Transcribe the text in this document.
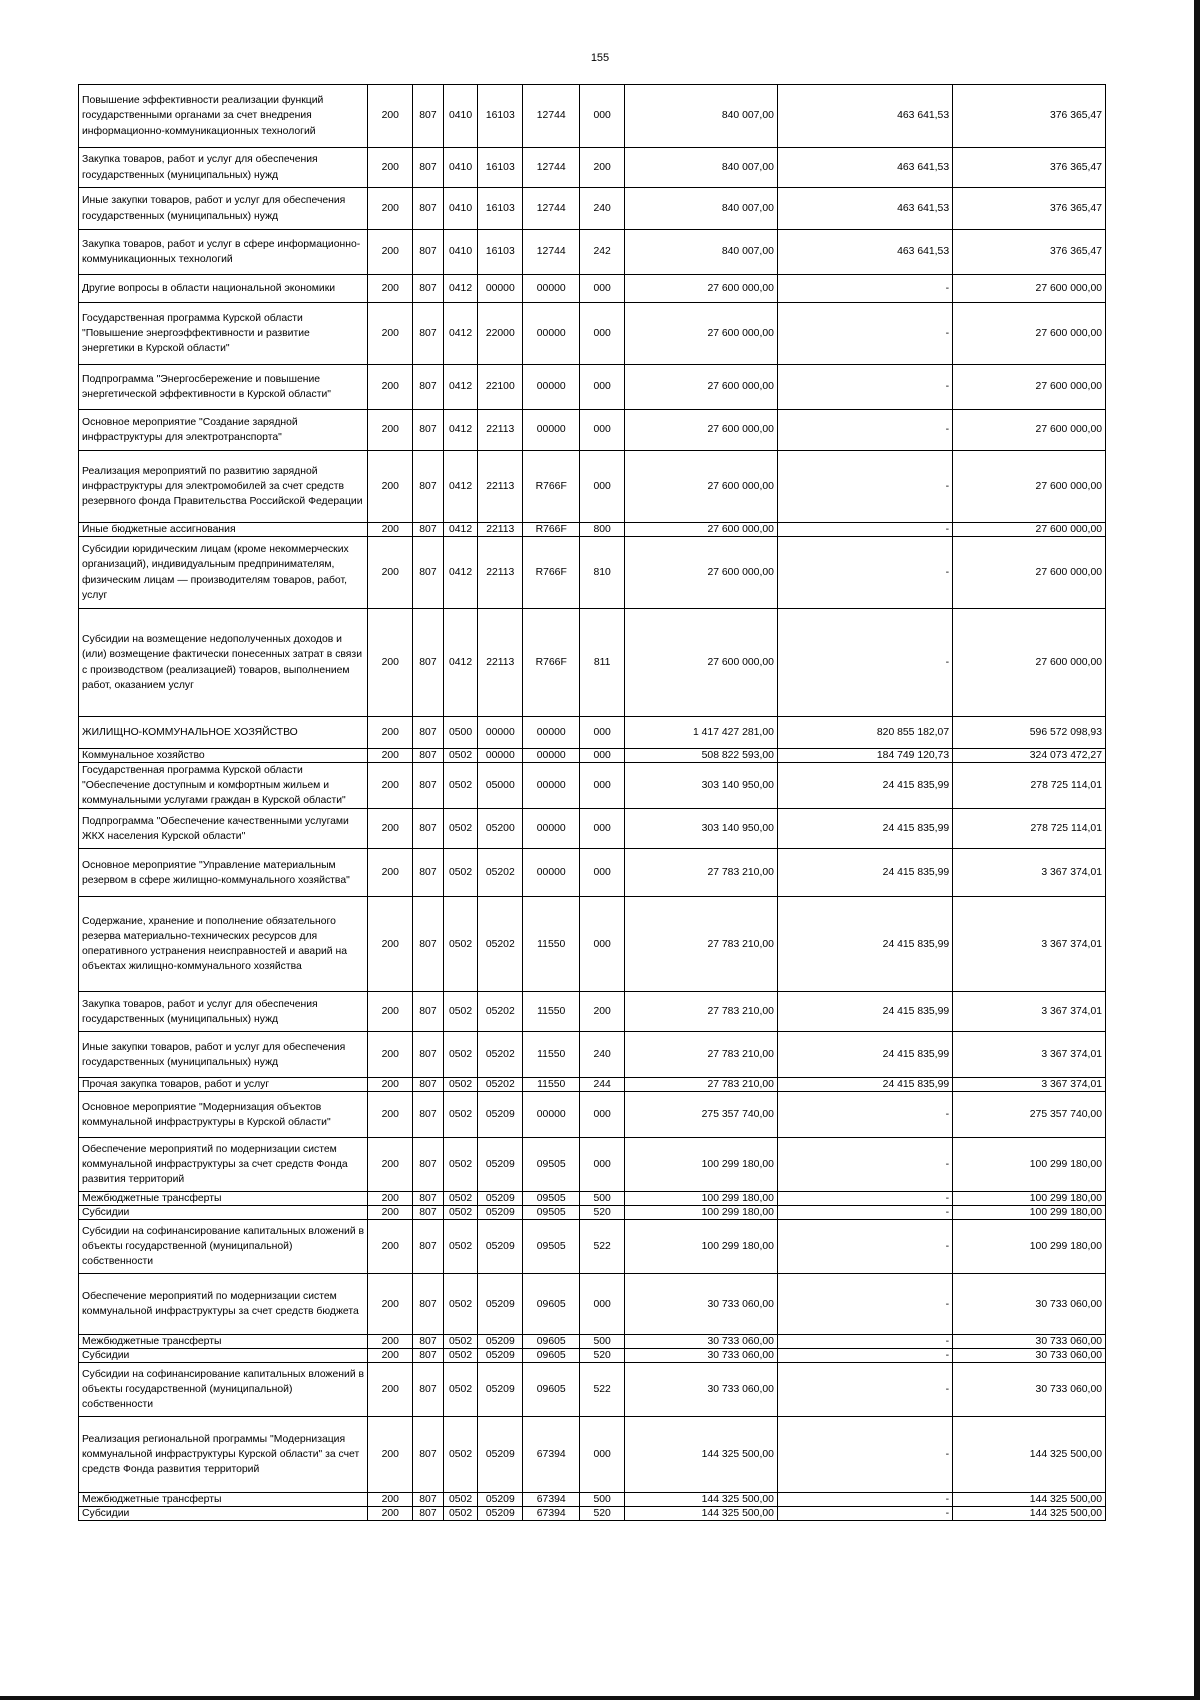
155
Повышение эффективности реализации функций государственными органами за счет внедрения информационно-коммуникационных технологий	200	807	0410	16103	12744	000	840 007,00	463 641,53	376 365,47
Закупка товаров, работ и услуг для обеспечения государственных (муниципальных) нужд	200	807	0410	16103	12744	200	840 007,00	463 641,53	376 365,47
Иные закупки товаров, работ и услуг для обеспечения государственных (муниципальных) нужд	200	807	0410	16103	12744	240	840 007,00	463 641,53	376 365,47
Закупка товаров, работ и услуг в сфере информационно-коммуникационных технологий	200	807	0410	16103	12744	242	840 007,00	463 641,53	376 365,47
Другие вопросы в области национальной экономики	200	807	0412	00000	00000	000	27 600 000,00	-	27 600 000,00
Государственная программа Курской области "Повышение энергоэффективности и развитие энергетики в Курской области"	200	807	0412	22000	00000	000	27 600 000,00	-	27 600 000,00
Подпрограмма "Энергосбережение и повышение энергетической эффективности в Курской области"	200	807	0412	22100	00000	000	27 600 000,00	-	27 600 000,00
Основное мероприятие "Создание зарядной инфраструктуры для электротранспорта"	200	807	0412	22113	00000	000	27 600 000,00	-	27 600 000,00
Реализация мероприятий по развитию зарядной инфраструктуры для электромобилей за счет средств резервного фонда Правительства Российской Федерации	200	807	0412	22113	R766F	000	27 600 000,00	-	27 600 000,00
Иные бюджетные ассигнования	200	807	0412	22113	R766F	800	27 600 000,00	-	27 600 000,00
Субсидии юридическим лицам (кроме некоммерческих организаций), индивидуальным предпринимателям, физическим лицам — производителям товаров, работ, услуг	200	807	0412	22113	R766F	810	27 600 000,00	-	27 600 000,00
Субсидии на возмещение недополученных доходов и (или) возмещение фактически понесенных затрат в связи с производством (реализацией) товаров, выполнением работ, оказанием услуг	200	807	0412	22113	R766F	811	27 600 000,00	-	27 600 000,00
ЖИЛИЩНО-КОММУНАЛЬНОЕ ХОЗЯЙСТВО	200	807	0500	00000	00000	000	1 417 427 281,00	820 855 182,07	596 572 098,93
Коммунальное хозяйство	200	807	0502	00000	00000	000	508 822 593,00	184 749 120,73	324 073 472,27
Государственная программа Курской области "Обеспечение доступным и комфортным жильем и коммунальными услугами граждан в Курской области"	200	807	0502	05000	00000	000	303 140 950,00	24 415 835,99	278 725 114,01
Подпрограмма "Обеспечение качественными услугами ЖКХ населения Курской области"	200	807	0502	05200	00000	000	303 140 950,00	24 415 835,99	278 725 114,01
Основное мероприятие "Управление материальным резервом в сфере жилищно-коммунального хозяйства"	200	807	0502	05202	00000	000	27 783 210,00	24 415 835,99	3 367 374,01
Содержание, хранение и пополнение обязательного резерва материально-технических ресурсов для оперативного устранения неисправностей и аварий на объектах жилищно-коммунального хозяйства	200	807	0502	05202	11550	000	27 783 210,00	24 415 835,99	3 367 374,01
Закупка товаров, работ и услуг для обеспечения государственных (муниципальных) нужд	200	807	0502	05202	11550	200	27 783 210,00	24 415 835,99	3 367 374,01
Иные закупки товаров, работ и услуг для обеспечения государственных (муниципальных) нужд	200	807	0502	05202	11550	240	27 783 210,00	24 415 835,99	3 367 374,01
Прочая закупка товаров, работ и услуг	200	807	0502	05202	11550	244	27 783 210,00	24 415 835,99	3 367 374,01
Основное мероприятие "Модернизация объектов коммунальной инфраструктуры в Курской области"	200	807	0502	05209	00000	000	275 357 740,00	-	275 357 740,00
Обеспечение мероприятий по модернизации систем коммунальной инфраструктуры за счет средств Фонда развития территорий	200	807	0502	05209	09505	000	100 299 180,00	-	100 299 180,00
Межбюджетные трансферты	200	807	0502	05209	09505	500	100 299 180,00	-	100 299 180,00
Субсидии	200	807	0502	05209	09505	520	100 299 180,00	-	100 299 180,00
Субсидии на софинансирование капитальных вложений в объекты государственной (муниципальной) собственности	200	807	0502	05209	09505	522	100 299 180,00	-	100 299 180,00
Обеспечение мероприятий по модернизации систем коммунальной инфраструктуры за счет средств бюджета	200	807	0502	05209	09605	000	30 733 060,00	-	30 733 060,00
Межбюджетные трансферты	200	807	0502	05209	09605	500	30 733 060,00	-	30 733 060,00
Субсидии	200	807	0502	05209	09605	520	30 733 060,00	-	30 733 060,00
Субсидии на софинансирование капитальных вложений в объекты государственной (муниципальной) собственности	200	807	0502	05209	09605	522	30 733 060,00	-	30 733 060,00
Реализация региональной программы "Модернизация коммунальной инфраструктуры Курской области" за счет средств Фонда развития территорий	200	807	0502	05209	67394	000	144 325 500,00	-	144 325 500,00
Межбюджетные трансферты	200	807	0502	05209	67394	500	144 325 500,00	-	144 325 500,00
Субсидии	200	807	0502	05209	67394	520	144 325 500,00	-	144 325 500,00
